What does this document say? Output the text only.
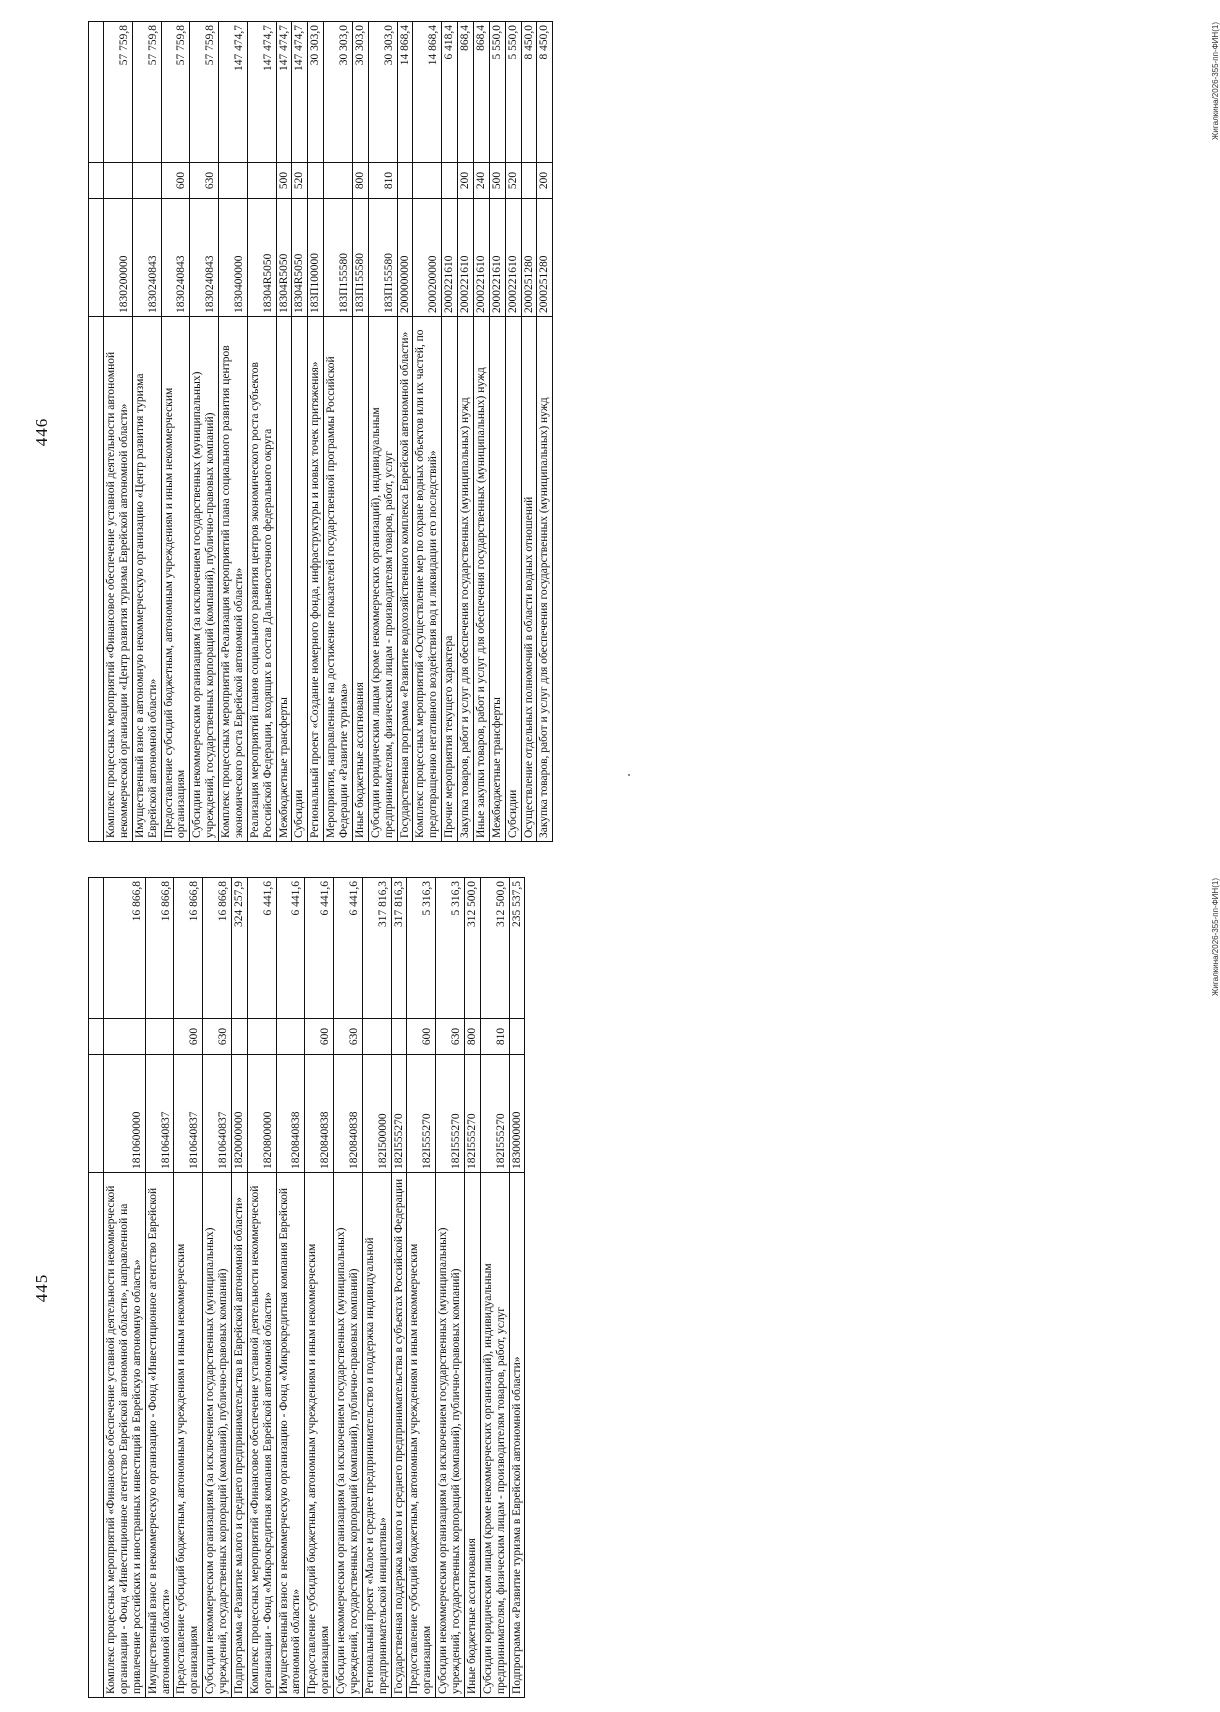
445
				Комплекс процессных мероприятий «Финансовое обеспечение уставной деятельности некоммерческой организации - Фонд «Инвестиционное агентство Еврейской автономной области», направленной на привлечение российских и иностранных инвестиций в Еврейскую автономную область»	1810600000		16 866,8
Имущественный взнос в некоммерческую организацию - Фонд «Инвестиционное агентство Еврейской автономной области»	1810640837		16 866,8
Предоставление субсидий бюджетным, автономным учреждениям и иным некоммерческим организациям	1810640837	600	16 866,8
Субсидии некоммерческим организациям (за исключением государственных (муниципальных) учреждений, государственных корпораций (компаний), публично-правовых компаний)	1810640837	630	16 866,8
Подпрограмма «Развитие малого и среднего предпринимательства в Еврейской автономной области»	1820000000		324 257,9
Комплекс процессных мероприятий «Финансовое обеспечение уставной деятельности некоммерческой организации - Фонд «Микрокредитная компания Еврейской автономной области»	1820800000		6 441,6
Имущественный взнос в некоммерческую организацию - Фонд «Микрокредитная компания Еврейской автономной области»	1820840838		6 441,6
Предоставление субсидий бюджетным, автономным учреждениям и иным некоммерческим организациям	1820840838	600	6 441,6
Субсидии некоммерческим организациям (за исключением государственных (муниципальных) учреждений, государственных корпораций (компаний), публично-правовых компаний)	1820840838	630	6 441,6
Региональный проект «Малое и среднее предпринимательство и поддержка индивидуальной предпринимательской инициативы»	182I500000		317 816,3
Государственная поддержка малого и среднего предпринимательства в субъектах Российской Федерации	182I555270		317 816,3
Предоставление субсидий бюджетным, автономным учреждениям и иным некоммерческим организациям	182I555270	600	5 316,3
Субсидии некоммерческим организациям (за исключением государственных (муниципальных) учреждений, государственных корпораций (компаний), публично-правовых компаний)	182I555270	630	5 316,3
Иные бюджетные ассигнования	182I555270	800	312 500,0
Субсидии юридическим лицам (кроме некоммерческих организаций), индивидуальным предпринимателям, физическим лицам - производителям товаров, работ, услуг	182I555270	810	312 500,0
Подпрограмма «Развитие туризма в Еврейской автономной области»	1830000000		235 537,5	Жигалкина/2026-355-пп-ФИН(1)
446
				Комплекс процессных мероприятий «Финансовое обеспечение уставной деятельности автономной некоммерческой организации «Центр развития туризма Еврейской автономной области»	1830200000		57 759,8
Имущественный взнос в автономную некоммерческую организацию «Центр развития туризма Еврейской автономной области»	1830240843		57 759,8
Предоставление субсидий бюджетным, автономным учреждениям и иным некоммерческим организациям	1830240843	600	57 759,8
Субсидии некоммерческим организациям (за исключением государственных (муниципальных) учреждений, государственных корпораций (компаний), публично-правовых компаний)	1830240843	630	57 759,8
Комплекс процессных мероприятий «Реализация мероприятий плана социального развития центров экономического роста Еврейской автономной области»	1830400000		147 474,7
Реализация мероприятий планов социального развития центров экономического роста субъектов Российской Федерации, входящих в состав Дальневосточного федерального округа	18304R5050		147 474,7
Межбюджетные трансферты	18304R5050	500	147 474,7
Субсидии	18304R5050	520	147 474,7
Региональный проект «Создание номерного фонда, инфраструктуры и новых точек притяжения»	183П100000		30 303,0
Мероприятия, направленные на достижение показателей государственной программы Российской Федерации «Развитие туризма»	183П155580		30 303,0
Иные бюджетные ассигнования	183П155580	800	30 303,0
Субсидии юридическим лицам (кроме некоммерческих организаций), индивидуальным предпринимателям, физическим лицам - производителям товаров, работ, услуг	183П155580	810	30 303,0
Государственная программа «Развитие водохозяйственного комплекса Еврейской автономной области»	2000000000		14 868,4
Комплекс процессных мероприятий «Осуществление мер по охране водных объектов или их частей, по предотвращению негативного воздействия вод и ликвидации его последствий»	2000200000		14 868,4
Прочие мероприятия текущего характера	2000221610		6 418,4
Закупка товаров, работ и услуг для обеспечения государственных (муниципальных) нужд	2000221610	200	868,4
Иные закупки товаров, работ и услуг для обеспечения государственных (муниципальных) нужд	2000221610	240	868,4
Межбюджетные трансферты	2000221610	500	5 550,0
Субсидии	2000221610	520	5 550,0
Осуществление отдельных полномочий в области водных отношений	2000251280		8 450,0
Закупка товаров, работ и услуг для обеспечения государственных (муниципальных) нужд	2000251280	200	8 450,0	Жигалкина/2026-355-пп-ФИН(1)
